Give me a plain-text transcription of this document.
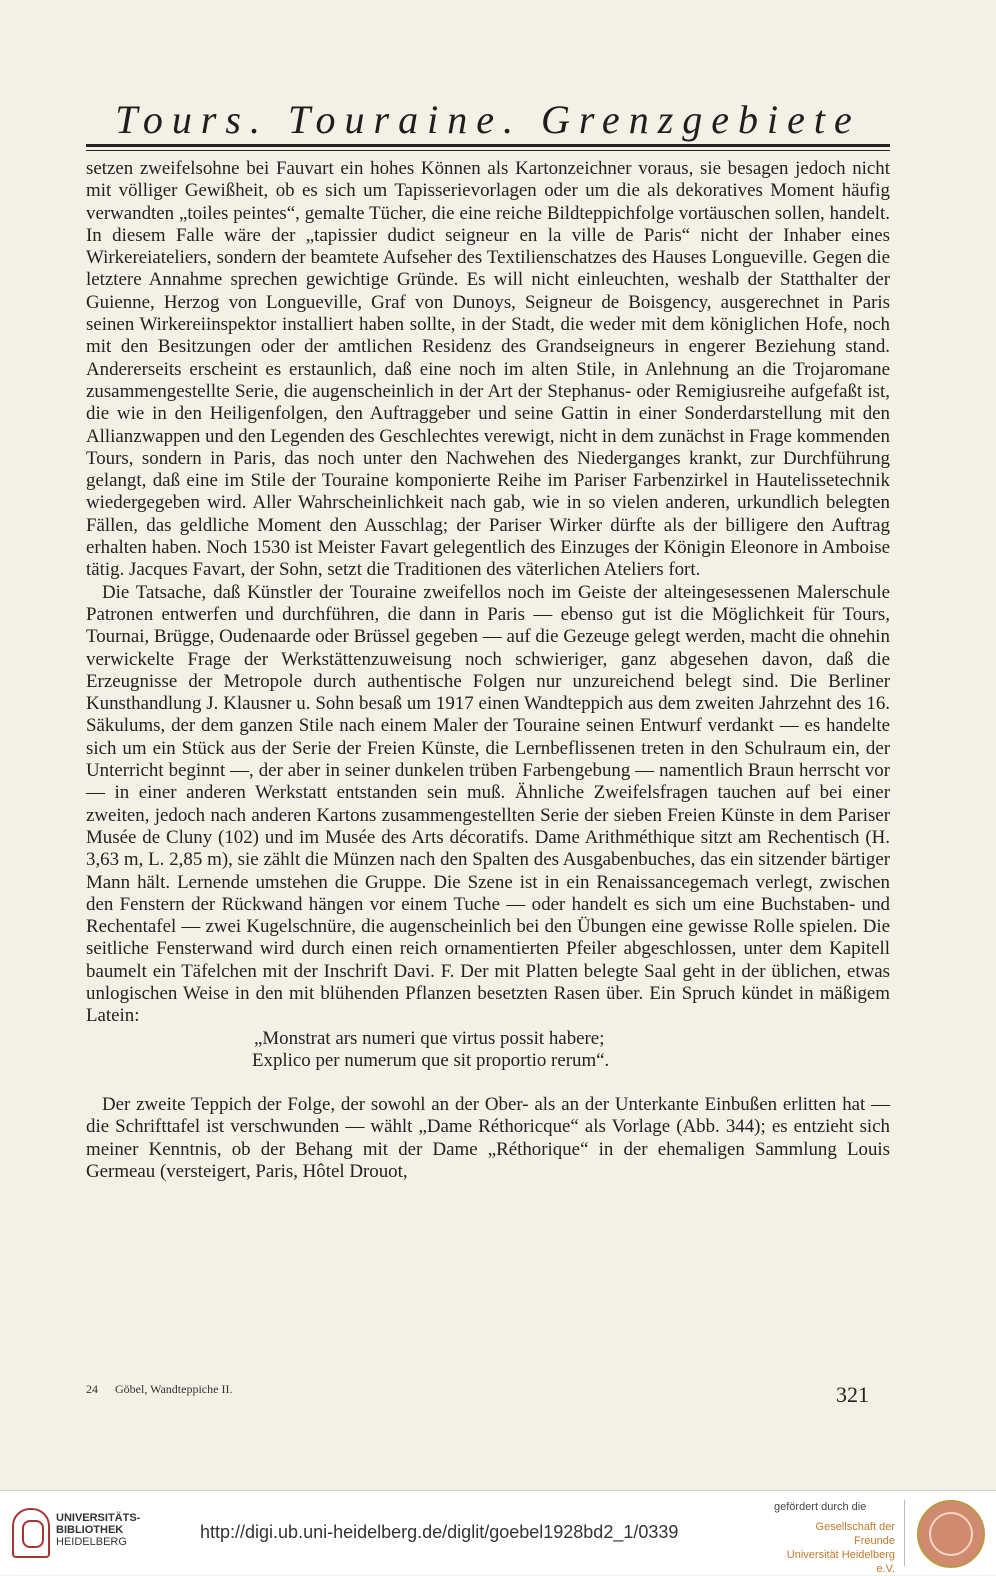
Tours. Touraine. Grenzgebiete

setzen zweifelsohne bei Fauvart ein hohes Können als Kartonzeichner voraus, sie besagen jedoch nicht mit völliger Gewißheit, ob es sich um Tapisserievorlagen oder um die als dekoratives Moment häufig verwandten „toiles peintes“, gemalte Tücher, die eine reiche Bildteppichfolge vortäuschen sollen, handelt. In diesem Falle wäre der „tapissier dudict seigneur en la ville de Paris“ nicht der Inhaber eines Wirkereiateliers, sondern der beamtete Aufseher des Textilienschatzes des Hauses Longueville. Gegen die letztere Annahme sprechen gewichtige Gründe. Es will nicht einleuchten, weshalb der Statthalter der Guienne, Herzog von Longueville, Graf von Dunoys, Seigneur de Boisgency, ausgerechnet in Paris seinen Wirkereiinspektor installiert haben sollte, in der Stadt, die weder mit dem königlichen Hofe, noch mit den Besitzungen oder der amtlichen Residenz des Grandseigneurs in engerer Beziehung stand. Andererseits erscheint es erstaunlich, daß eine noch im alten Stile, in Anlehnung an die Trojaromane zusammengestellte Serie, die augenscheinlich in der Art der Stephanus- oder Remigiusreihe aufgefaßt ist, die wie in den Heiligenfolgen, den Auftraggeber und seine Gattin in einer Sonderdarstellung mit den Allianzwappen und den Legenden des Geschlechtes verewigt, nicht in dem zunächst in Frage kommenden Tours, sondern in Paris, das noch unter den Nachwehen des Niederganges krankt, zur Durchführung gelangt, daß eine im Stile der Touraine komponierte Reihe im Pariser Farbenzirkel in Hautelissetechnik wiedergegeben wird. Aller Wahrscheinlichkeit nach gab, wie in so vielen anderen, urkundlich belegten Fällen, das geldliche Moment den Ausschlag; der Pariser Wirker dürfte als der billigere den Auftrag erhalten haben. Noch 1530 ist Meister Favart gelegentlich des Einzuges der Königin Eleonore in Amboise tätig. Jacques Favart, der Sohn, setzt die Traditionen des väterlichen Ateliers fort.

Die Tatsache, daß Künstler der Touraine zweifellos noch im Geiste der alteingesessenen Malerschule Patronen entwerfen und durchführen, die dann in Paris — ebenso gut ist die Möglichkeit für Tours, Tournai, Brügge, Oudenaarde oder Brüssel gegeben — auf die Gezeuge gelegt werden, macht die ohnehin verwickelte Frage der Werkstättenzuweisung noch schwieriger, ganz abgesehen davon, daß die Erzeugnisse der Metropole durch authentische Folgen nur unzureichend belegt sind. Die Berliner Kunsthandlung J. Klausner u. Sohn besaß um 1917 einen Wandteppich aus dem zweiten Jahrzehnt des 16. Säkulums, der dem ganzen Stile nach einem Maler der Touraine seinen Entwurf verdankt — es handelte sich um ein Stück aus der Serie der Freien Künste, die Lernbeflissenen treten in den Schulraum ein, der Unterricht beginnt —, der aber in seiner dunkelen trüben Farbengebung — namentlich Braun herrscht vor — in einer anderen Werkstatt entstanden sein muß. Ähnliche Zweifelsfragen tauchen auf bei einer zweiten, jedoch nach anderen Kartons zusammengestellten Serie der sieben Freien Künste in dem Pariser Musée de Cluny (102) und im Musée des Arts décoratifs. Dame Arithméthique sitzt am Rechentisch (H. 3,63 m, L. 2,85 m), sie zählt die Münzen nach den Spalten des Ausgabenbuches, das ein sitzender bärtiger Mann hält. Lernende umstehen die Gruppe. Die Szene ist in ein Renaissancegemach verlegt, zwischen den Fenstern der Rückwand hängen vor einem Tuche — oder handelt es sich um eine Buchstaben- und Rechentafel — zwei Kugelschnüre, die augenscheinlich bei den Übungen eine gewisse Rolle spielen. Die seitliche Fensterwand wird durch einen reich ornamentierten Pfeiler abgeschlossen, unter dem Kapitell baumelt ein Täfelchen mit der Inschrift Davi. F. Der mit Platten belegte Saal geht in der üblichen, etwas unlogischen Weise in den mit blühenden Pflanzen besetzten Rasen über. Ein Spruch kündet in mäßigem Latein:

„Monstrat ars numeri que virtus possit habere;
Explico per numerum que sit proportio rerum“.

Der zweite Teppich der Folge, der sowohl an der Ober- als an der Unterkante Einbußen erlitten hat — die Schrifttafel ist verschwunden — wählt „Dame Réthoricque“ als Vorlage (Abb. 344); es entzieht sich meiner Kenntnis, ob der Behang mit der Dame „Réthorique“ in der ehemaligen Sammlung Louis Germeau (versteigert, Paris, Hôtel Drouot,

24 Göbel, Wandteppiche II.	321
UNIVERSITÄTS-
BIBLIOTHEK
HEIDELBERG	http://digi.ub.uni-heidelberg.de/diglit/goebel1928bd2_1/0339
gefördert durch die
Gesellschaft der Freunde
Universität Heidelberg e.V.
